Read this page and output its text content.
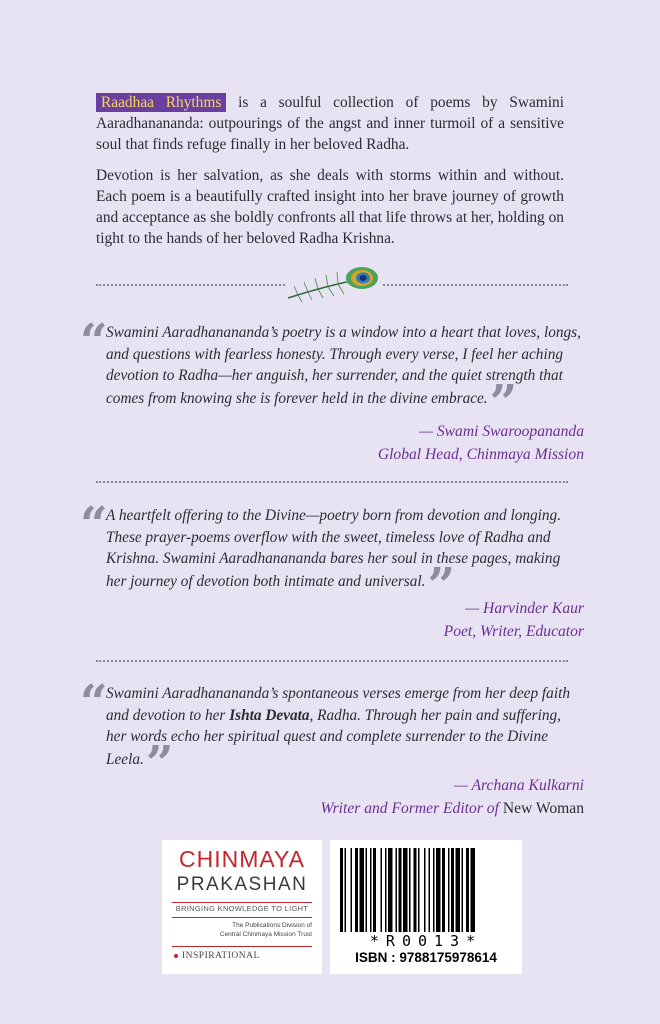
Raadhaa Rhythms is a soulful collection of poems by Swamini Aaradhanananda: outpourings of the angst and inner turmoil of a sensitive soul that finds refuge finally in her beloved Radha.

Devotion is her salvation, as she deals with storms within and without. Each poem is a beautifully crafted insight into her brave journey of growth and acceptance as she boldly confronts all that life throws at her, holding on tight to the hands of her beloved Radha Krishna.

“
Swamini Aaradhanananda’s poetry is a window into a heart that loves, longs, and questions with fearless honesty. Through every verse, I feel her aching devotion to Radha—her anguish, her surrender, and the quiet strength that comes from knowing she is forever held in the divine embrace.”
— Swami Swaroopananda
Global Head, Chinmaya Mission
“
A heartfelt offering to the Divine—poetry born from devotion and longing. These prayer-poems overflow with the sweet, timeless love of Radha and Krishna. Swamini Aaradhanananda bares her soul in these pages, making her journey of devotion both intimate and universal.” — Harvinder Kaur
Poet, Writer, Educator
“
Swamini Aaradhanananda’s spontaneous verses emerge from her deep faith and devotion to her Ishta Devata, Radha. Through her pain and suffering, her words echo her spiritual quest and complete surrender to the Divine Leela.”	— Archana Kulkarni
Writer and Former Editor of New Woman
CHINMAYA
PRAKASHAN
BRINGING KNOWLEDGE TO LIGHT
The Publications Division of
Central Chinmaya Mission Trust
INSPIRATIONAL
*R0013*
ISBN : 9788175978614
